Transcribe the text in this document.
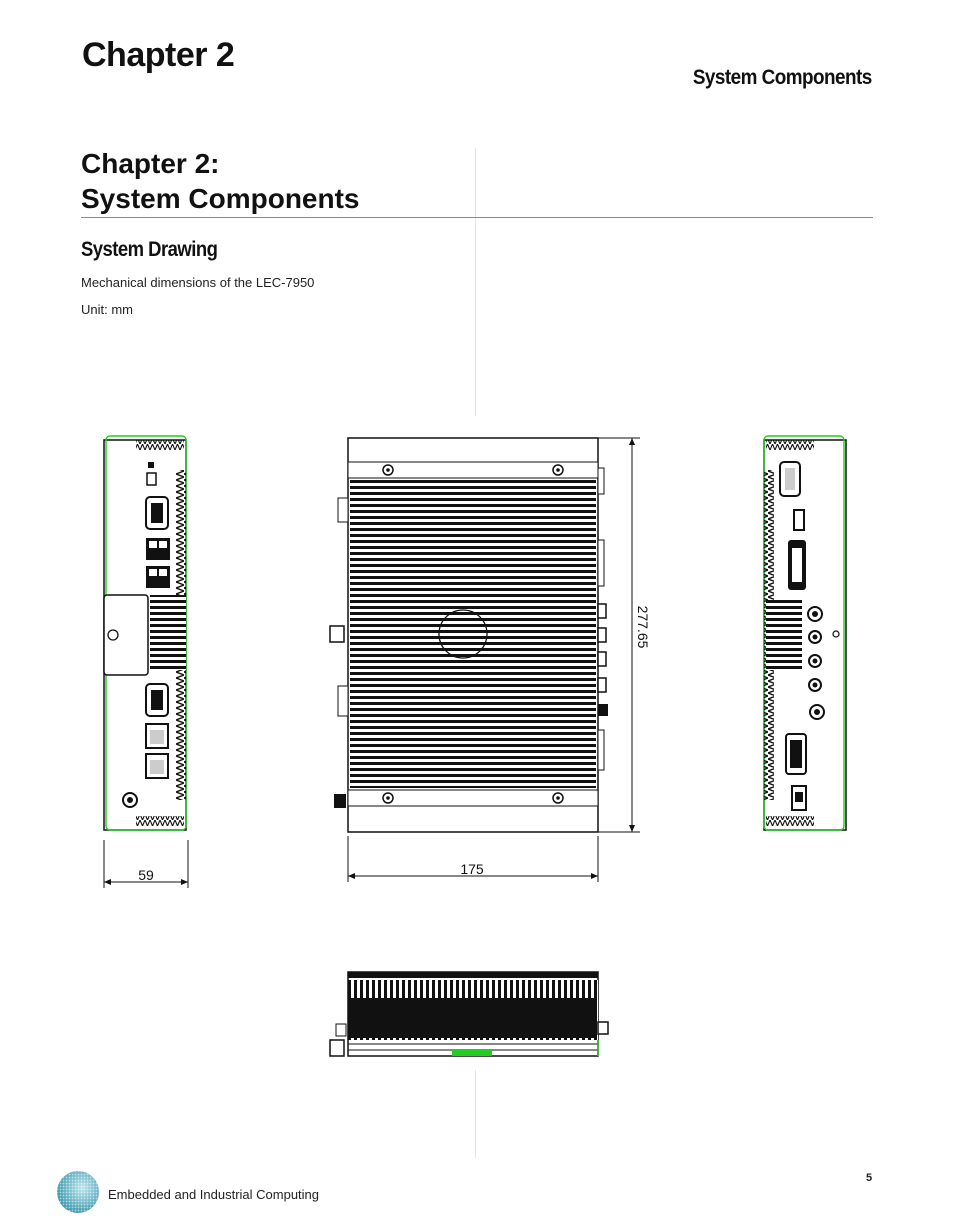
Chapter 2
System Components
Chapter 2:
System Components
System Drawing
Mechanical dimensions of the LEC-7950
Unit: mm
59
277.65
175
5
Embedded and Industrial Computing
